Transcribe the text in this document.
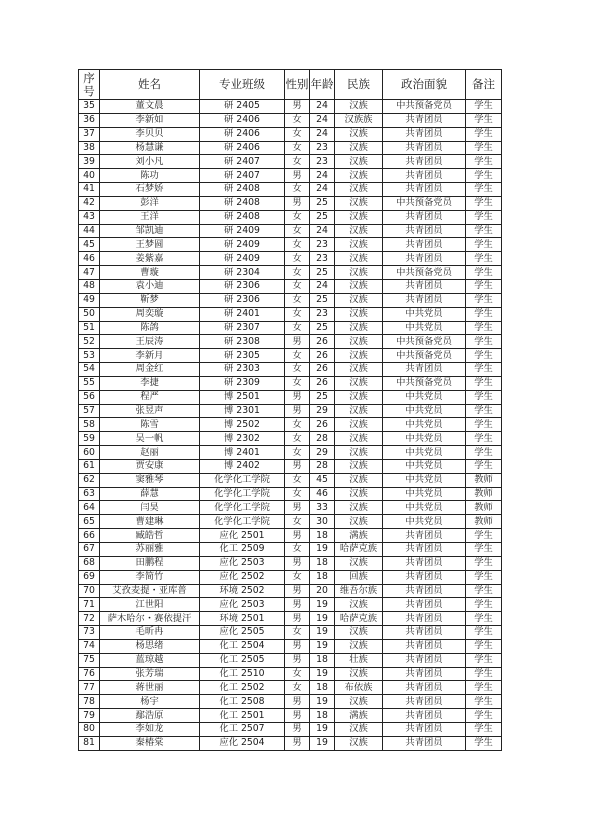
序号	姓名	专业班级	性别	年龄	民族	政治面貌	备注
35	董文晨	研 2405	男	24	汉族	中共预备党员	学生
36	李新如	研 2406	女	24	汉族族	共青团员	学生
37	李贝贝	研 2406	女	24	汉族	共青团员	学生
38	杨慧谦	研 2406	女	23	汉族	共青团员	学生
39	刘小凡	研 2407	女	23	汉族	共青团员	学生
40	陈功	研 2407	男	24	汉族	共青团员	学生
41	石梦娇	研 2408	女	24	汉族	共青团员	学生
42	彭洋	研 2408	男	25	汉族	中共预备党员	学生
43	王洋	研 2408	女	25	汉族	共青团员	学生
44	邹凯迪	研 2409	女	24	汉族	共青团员	学生
45	王梦圆	研 2409	女	23	汉族	共青团员	学生
46	姜紫嘉	研 2409	女	23	汉族	共青团员	学生
47	曹璇	研 2304	女	25	汉族	中共预备党员	学生
48	袁小迪	研 2306	女	24	汉族	共青团员	学生
49	靳梦	研 2306	女	25	汉族	共青团员	学生
50	周奕璇	研 2401	女	23	汉族	中共党员	学生
51	陈鸽	研 2307	女	25	汉族	中共党员	学生
52	王辰涛	研 2308	男	26	汉族	中共预备党员	学生
53	李新月	研 2305	女	26	汉族	中共预备党员	学生
54	周金红	研 2303	女	26	汉族	共青团员	学生
55	李捷	研 2309	女	26	汉族	中共预备党员	学生
56	程严	博 2501	男	25	汉族	中共党员	学生
57	张昱声	博 2301	男	29	汉族	中共党员	学生
58	陈雪	博 2502	女	26	汉族	中共党员	学生
59	吴一帆	博 2302	女	28	汉族	中共党员	学生
60	赵丽	博 2401	女	29	汉族	中共党员	学生
61	贾安康	博 2402	男	28	汉族	中共党员	学生
62	窦雅琴	化学化工学院	女	45	汉族	中共党员	教师
63	薛慧	化学化工学院	女	46	汉族	中共党员	教师
64	闫昊	化学化工学院	男	33	汉族	中共党员	教师
65	曹建琳	化学化工学院	女	30	汉族	中共党员	教师
66	臧皓哲	应化 2501	男	18	满族	共青团员	学生
67	苏丽雅	化工 2509	女	19	哈萨克族	共青团员	学生
68	田鹏程	应化 2503	男	18	汉族	共青团员	学生
69	李简竹	应化 2502	女	18	回族	共青团员	学生
70	艾孜麦提・亚库普	环境 2502	男	20	维吾尔族	共青团员	学生
71	江世阳	应化 2503	男	19	汉族	共青团员	学生
72	萨木哈尔・赛依提汗	环境 2501	男	19	哈萨克族	共青团员	学生
73	毛昕冉	应化 2505	女	19	汉族	共青团员	学生
74	杨思绪	化工 2504	男	19	汉族	共青团员	学生
75	蓝琼越	化工 2505	男	18	壮族	共青团员	学生
76	张芳瑞	化工 2510	女	19	汉族	共青团员	学生
77	蒋世丽	化工 2502	女	18	布依族	共青团员	学生
78	杨宇	化工 2508	男	19	汉族	共青团员	学生
79	鄢浩原	化工 2501	男	18	满族	共青团员	学生
80	李如龙	化工 2507	男	19	汉族	共青团员	学生
81	秦椿棠	应化 2504	男	19	汉族	共青团员	学生
